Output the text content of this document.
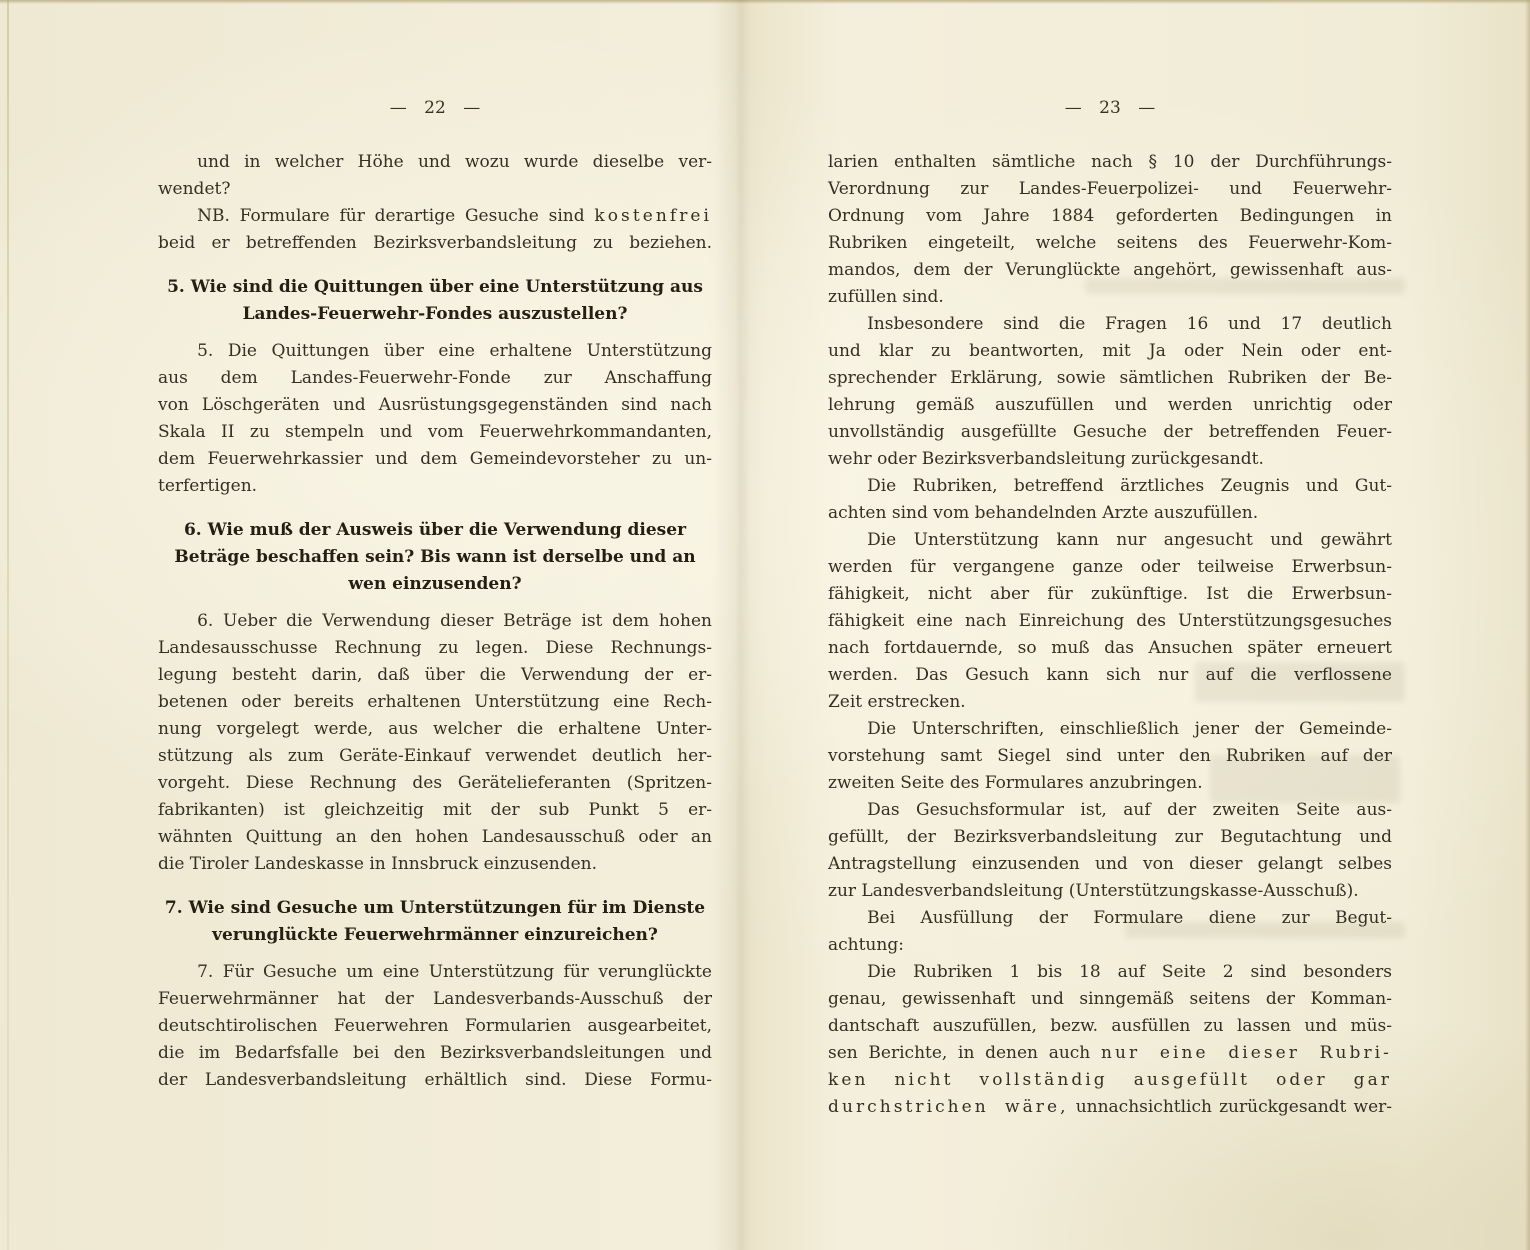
— 22 —
und in welcher Höhe und wozu wurde dieselbe ver-
wendet?
NB. Formulare für derartige Gesuche sind kostenfrei
beid er betreffenden Bezirksverbandsleitung zu beziehen.
5. Wie sind die Quittungen über eine Unterstützung aus
Landes-Feuerwehr-Fondes auszustellen?
5. Die Quittungen über eine erhaltene Unterstützung
aus dem Landes-Feuerwehr-Fonde zur Anschaffung
von Löschgeräten und Ausrüstungsgegenständen sind nach
Skala II zu stempeln und vom Feuerwehrkommandanten,
dem Feuerwehrkassier und dem Gemeindevorsteher zu un-
terfertigen.
6. Wie muß der Ausweis über die Verwendung dieser
Beträge beschaffen sein? Bis wann ist derselbe und an
wen einzusenden?
6. Ueber die Verwendung dieser Beträge ist dem hohen
Landesausschusse Rechnung zu legen. Diese Rechnungs-
legung besteht darin, daß über die Verwendung der er-
betenen oder bereits erhaltenen Unterstützung eine Rech-
nung vorgelegt werde, aus welcher die erhaltene Unter-
stützung als zum Geräte-Einkauf verwendet deutlich her-
vorgeht. Diese Rechnung des Gerätelieferanten (Spritzen-
fabrikanten) ist gleichzeitig mit der sub Punkt 5 er-
wähnten Quittung an den hohen Landesausschuß oder an
die Tiroler Landeskasse in Innsbruck einzusenden.
7. Wie sind Gesuche um Unterstützungen für im Dienste
verunglückte Feuerwehrmänner einzureichen?
7. Für Gesuche um eine Unterstützung für verunglückte
Feuerwehrmänner hat der Landesverbands-Ausschuß der
deutschtirolischen Feuerwehren Formularien ausgearbeitet,
die im Bedarfsfalle bei den Bezirksverbandsleitungen und
der Landesverbandsleitung erhältlich sind. Diese Formu-
— 23 —
larien enthalten sämtliche nach § 10 der Durchführungs-
Verordnung zur Landes-Feuerpolizei- und Feuerwehr-
Ordnung vom Jahre 1884 geforderten Bedingungen in
Rubriken eingeteilt, welche seitens des Feuerwehr-Kom-
mandos, dem der Verunglückte angehört, gewissenhaft aus-
zufüllen sind.
Insbesondere sind die Fragen 16 und 17 deutlich
und klar zu beantworten, mit Ja oder Nein oder ent-
sprechender Erklärung, sowie sämtlichen Rubriken der Be-
lehrung gemäß auszufüllen und werden unrichtig oder
unvollständig ausgefüllte Gesuche der betreffenden Feuer-
wehr oder Bezirksverbandsleitung zurückgesandt.
Die Rubriken, betreffend ärztliches Zeugnis und Gut-
achten sind vom behandelnden Arzte auszufüllen.
Die Unterstützung kann nur angesucht und gewährt
werden für vergangene ganze oder teilweise Erwerbsun-
fähigkeit, nicht aber für zukünftige. Ist die Erwerbsun-
fähigkeit eine nach Einreichung des Unterstützungsgesuches
nach fortdauernde, so muß das Ansuchen später erneuert
werden. Das Gesuch kann sich nur auf die verflossene
Zeit erstrecken.
Die Unterschriften, einschließlich jener der Gemeinde-
vorstehung samt Siegel sind unter den Rubriken auf der
zweiten Seite des Formulares anzubringen.
Das Gesuchsformular ist, auf der zweiten Seite aus-
gefüllt, der Bezirksverbandsleitung zur Begutachtung und
Antragstellung einzusenden und von dieser gelangt selbes
zur Landesverbandsleitung (Unterstützungskasse-Ausschuß).
Bei Ausfüllung der Formulare diene zur Begut-
achtung:
Die Rubriken 1 bis 18 auf Seite 2 sind besonders
genau, gewissenhaft und sinngemäß seitens der Komman-
dantschaft auszufüllen, bezw. ausfüllen zu lassen und müs-
sen Berichte, in denen auch nur eine dieser Rubri-
ken nicht vollständig ausgefüllt oder gar
durchstrichen wäre, unnachsichtlich zurückgesandt wer-
